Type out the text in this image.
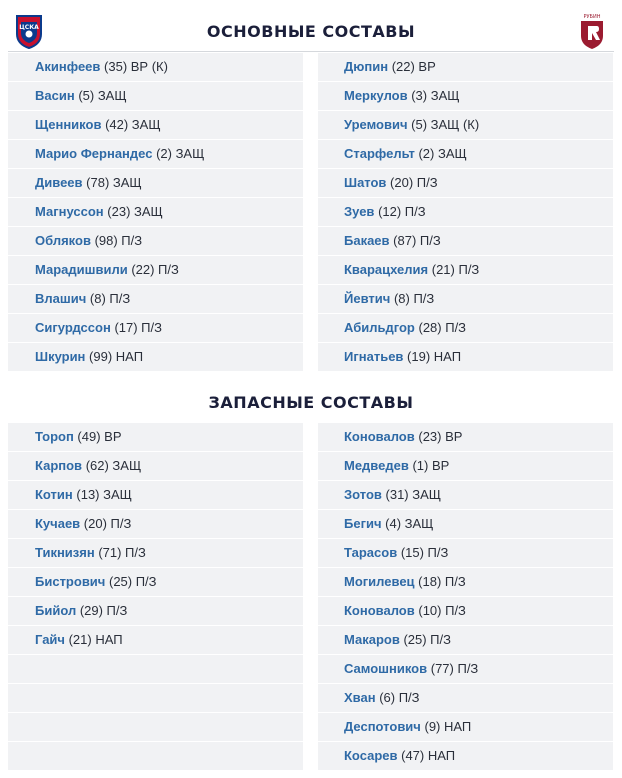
ЦСКА
РУБИН
ОСНОВНЫЕ СОСТАВЫ
Акинфеев (35) ВР (К)
Васин (5) ЗАЩ
Щенников (42) ЗАЩ
Марио Фернандес (2) ЗАЩ
Дивеев (78) ЗАЩ
Магнуссон (23) ЗАЩ
Обляков (98) П/З
Марадишвили (22) П/З
Влашич (8) П/З
Сигурдссон (17) П/З
Шкурин (99) НАП
Дюпин (22) ВР
Меркулов (3) ЗАЩ
Уремович (5) ЗАЩ (К)
Старфельт (2) ЗАЩ
Шатов (20) П/З
Зуев (12) П/З
Бакаев (87) П/З
Кварацхелия (21) П/З
Йевтич (8) П/З
Абильдгор (28) П/З
Игнатьев (19) НАП
ЗАПАСНЫЕ СОСТАВЫ
Тороп (49) ВР
Карпов (62) ЗАЩ
Котин (13) ЗАЩ
Кучаев (20) П/З
Тикнизян (71) П/З
Бистрович (25) П/З
Бийол (29) П/З
Гайч (21) НАП
Коновалов (23) ВР
Медведев (1) ВР
Зотов (31) ЗАЩ
Бегич (4) ЗАЩ
Тарасов (15) П/З
Могилевец (18) П/З
Коновалов (10) П/З
Макаров (25) П/З
Самошников (77) П/З
Хван (6) П/З
Деспотович (9) НАП
Косарев (47) НАП
